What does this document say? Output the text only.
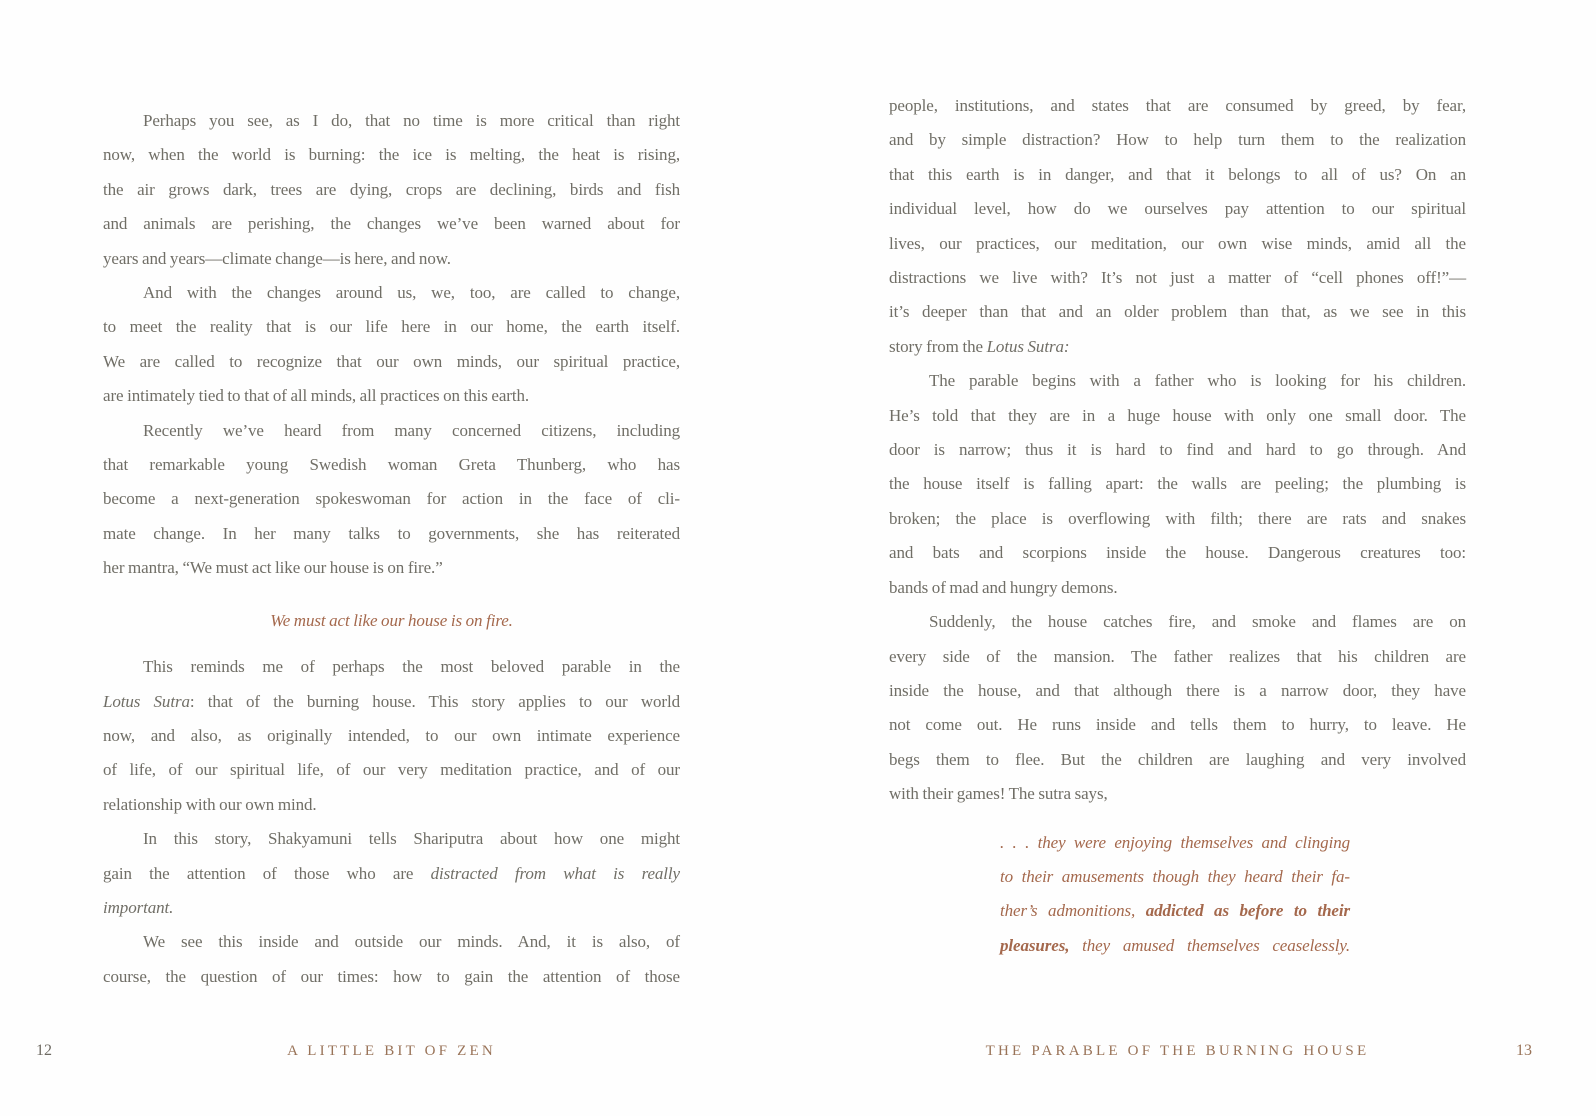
Perhaps you see, as I do, that no time is more critical than right
now, when the world is burning: the ice is melting, the heat is rising,
the air grows dark, trees are dying, crops are declining, birds and fish
and animals are perishing, the changes we’ve been warned about for
years and years—climate change—is here, and now.
And with the changes around us, we, too, are called to change,
to meet the reality that is our life here in our home, the earth itself.
We are called to recognize that our own minds, our spiritual practice,
are intimately tied to that of all minds, all practices on this earth.
Recently we’ve heard from many concerned citizens, including
that remarkable young Swedish woman Greta Thunberg, who has
become a next-generation spokeswoman for action in the face of cli-
mate change. In her many talks to governments, she has reiterated
her mantra, “We must act like our house is on fire.”
We must act like our house is on fire.
This reminds me of perhaps the most beloved parable in the
Lotus Sutra: that of the burning house. This story applies to our world
now, and also, as originally intended, to our own intimate experience
of life, of our spiritual life, of our very meditation practice, and of our
relationship with our own mind.
In this story, Shakyamuni tells Shariputra about how one might
gain the attention of those who are distracted from what is really
important.
We see this inside and outside our minds. And, it is also, of
course, the question of our times: how to gain the attention of those
people, institutions, and states that are consumed by greed, by fear,
and by simple distraction? How to help turn them to the realization
that this earth is in danger, and that it belongs to all of us? On an
individual level, how do we ourselves pay attention to our spiritual
lives, our practices, our meditation, our own wise minds, amid all the
distractions we live with? It’s not just a matter of “cell phones off!”—
it’s deeper than that and an older problem than that, as we see in this
story from the Lotus Sutra:
The parable begins with a father who is looking for his children.
He’s told that they are in a huge house with only one small door. The
door is narrow; thus it is hard to find and hard to go through. And
the house itself is falling apart: the walls are peeling; the plumbing is
broken; the place is overflowing with filth; there are rats and snakes
and bats and scorpions inside the house. Dangerous creatures too:
bands of mad and hungry demons.
Suddenly, the house catches fire, and smoke and flames are on
every side of the mansion. The father realizes that his children are
inside the house, and that although there is a narrow door, they have
not come out. He runs inside and tells them to hurry, to leave. He
begs them to flee. But the children are laughing and very involved
with their games! The sutra says,
. . . they were enjoying themselves and clinging
to their amusements though they heard their fa-
ther’s admonitions, addicted as before to their
pleasures, they amused themselves ceaselessly.
12	A LITTLE BIT OF ZEN	THE PARABLE OF THE BURNING HOUSE	13
